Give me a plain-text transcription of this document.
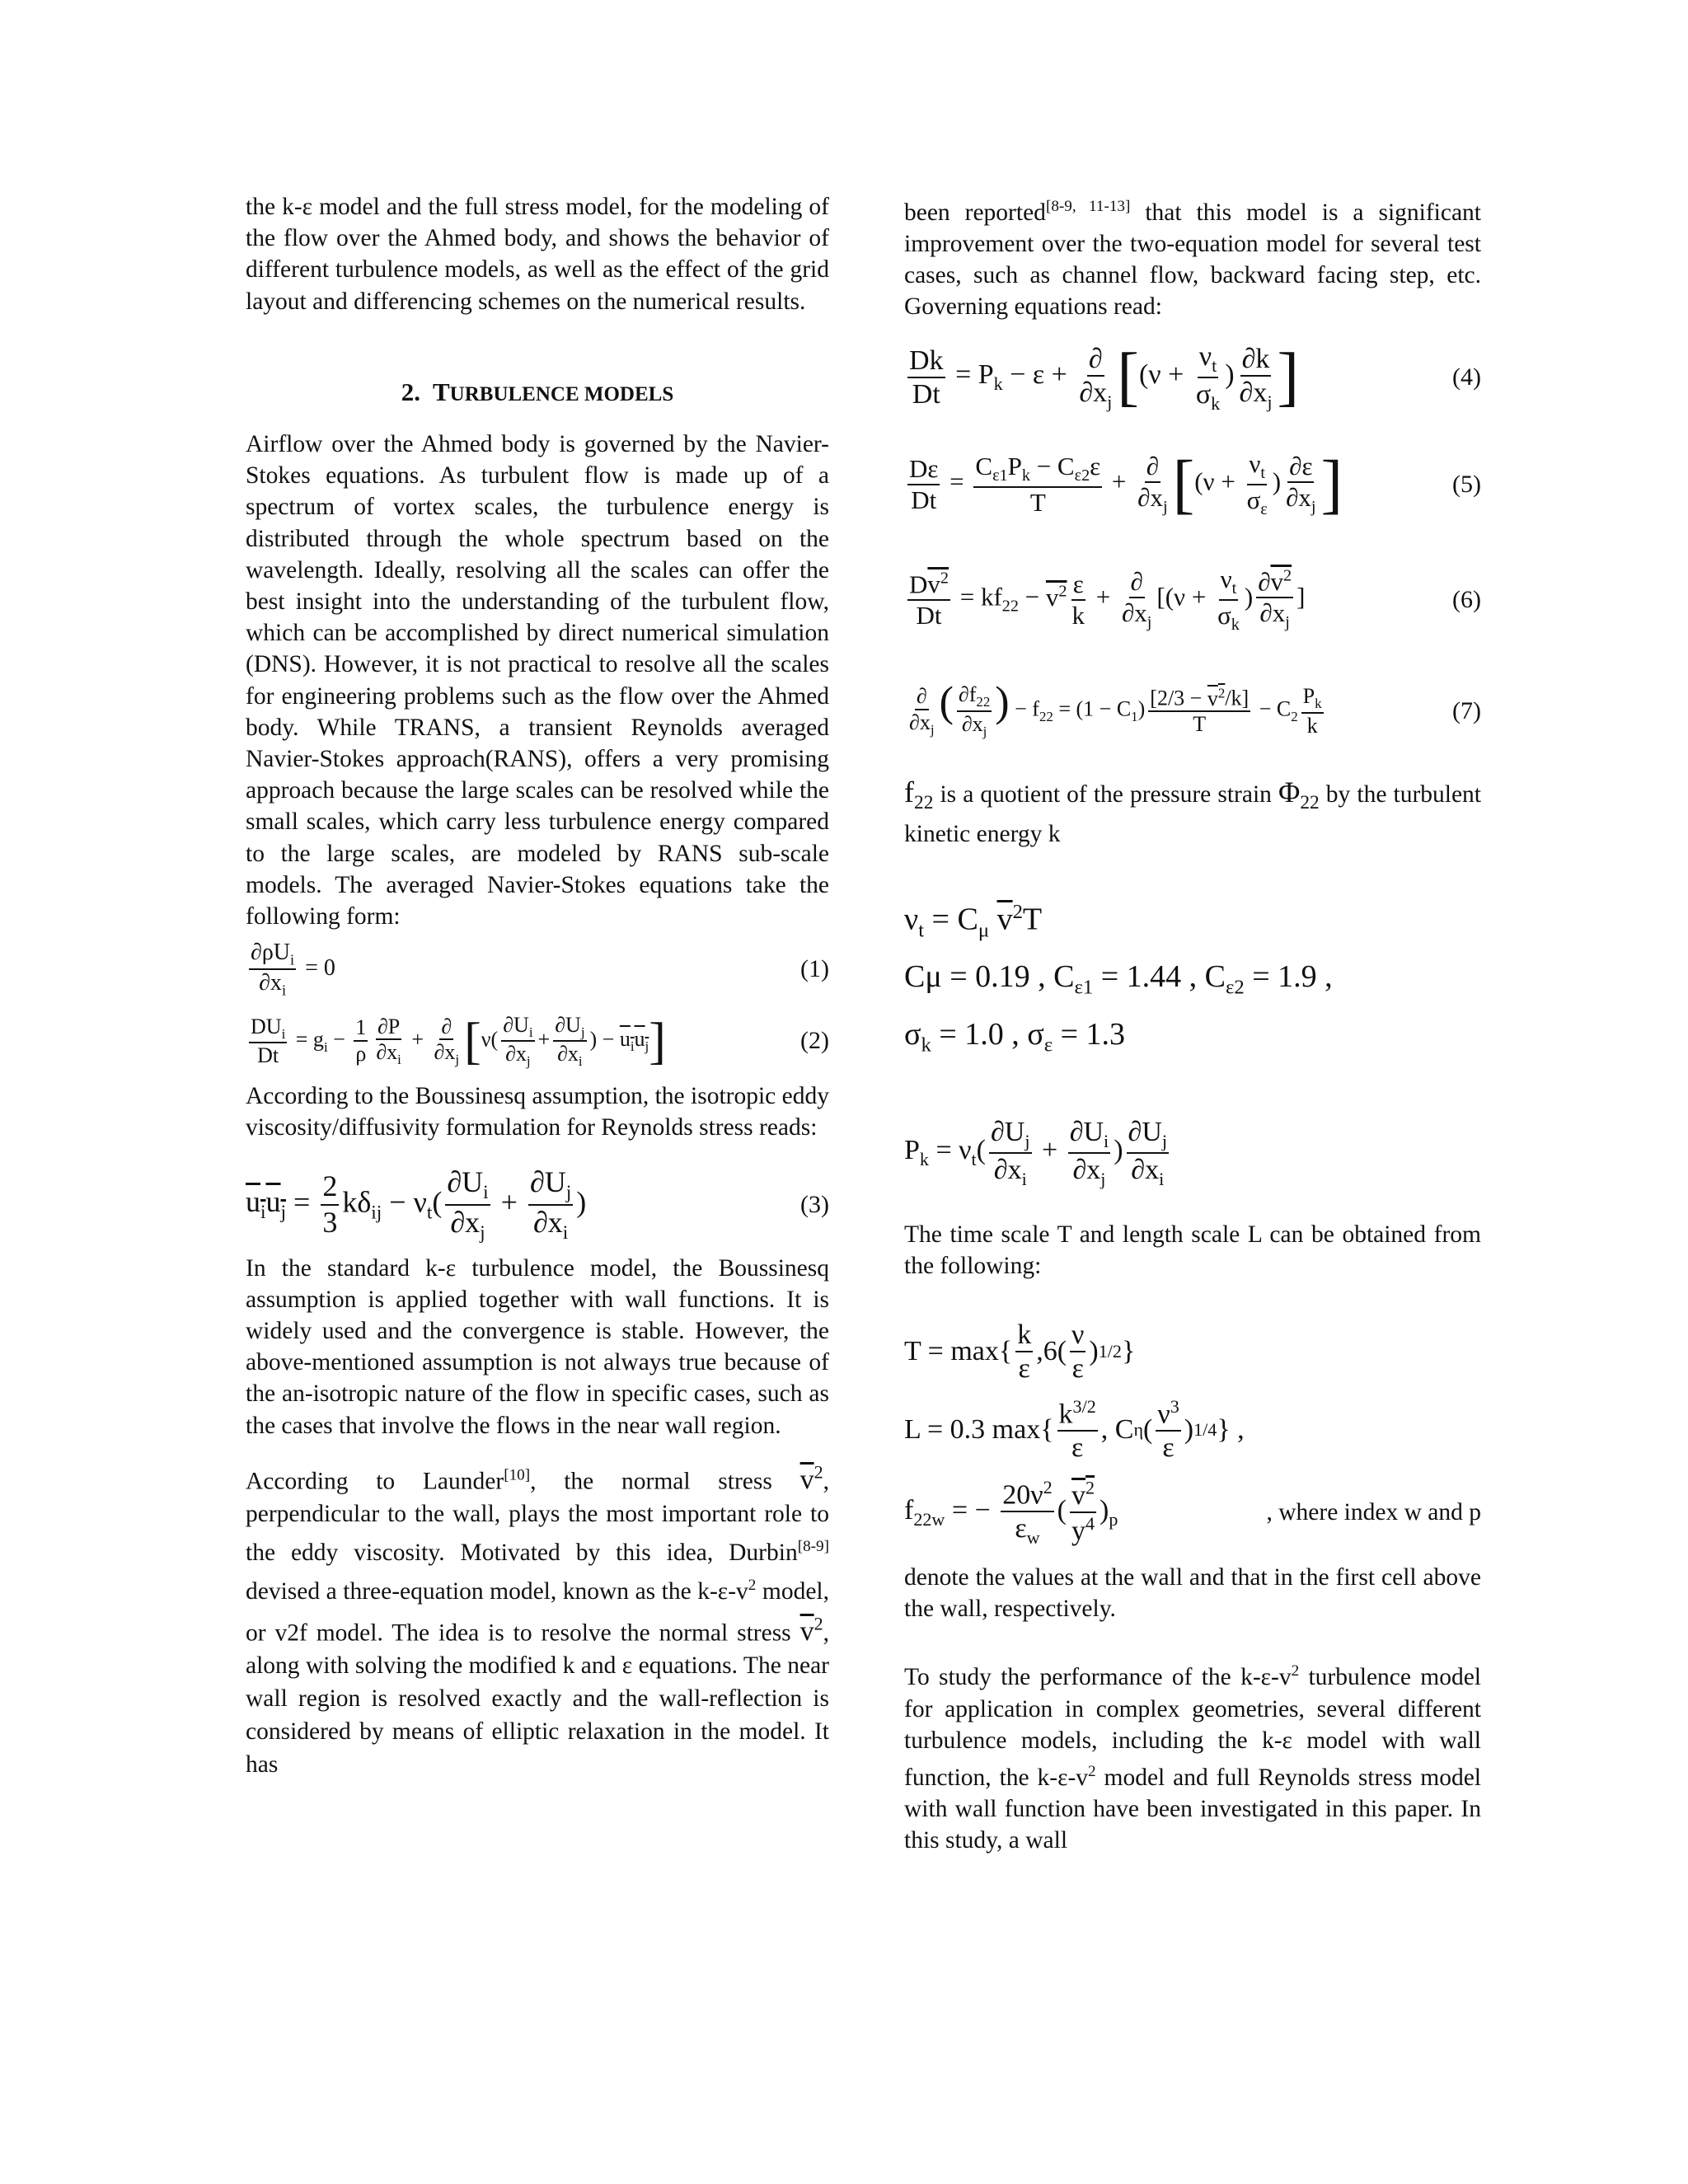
the k-ε model and the full stress model, for the modeling of the flow over the Ahmed body, and shows the behavior of different turbulence models, as well as the effect of the grid layout and differencing schemes on the numerical results.

2. TURBULENCE MODELS

Airflow over the Ahmed body is governed by the Navier-Stokes equations. As turbulent flow is made up of a spectrum of vortex scales, the turbulence energy is distributed through the whole spectrum based on the wavelength. Ideally, resolving all the scales can offer the best insight into the understanding of the turbulent flow, which can be accomplished by direct numerical simulation (DNS). However, it is not practical to resolve all the scales for engineering problems such as the flow over the Ahmed body. While TRANS, a transient Reynolds averaged Navier-Stokes approach(RANS), offers a very promising approach because the large scales can be resolved while the small scales, which carry less turbulence energy compared to the large scales, are modeled by RANS sub-scale models. The averaged Navier-Stokes equations take the following form:

$\frac{\partial\rho U_i}{\partial x_i} = 0$	(1)
$\frac{DU_i}{Dt} = g_i - \frac{1}{\rho} \frac{\partial P}{\partial x_i} + \frac{\partial}{\partial x_j} [\nu( \frac{\partial U_i}{\partial x_j} + \frac{\partial U_j}{\partial x_i}$ ) − $u_iu_j$]	(2)

According to the Boussinesq assumption, the isotropic eddy viscosity/diffusivity formulation for Reynolds stress reads:

$u_iu_j = \frac{2}{3} k\delta_{ij} - \nu_t( \frac{\partial U_i}{\partial x_j} + \frac{\partial U_j}{\partial x_i}$ )	(3)

In the standard k-ε turbulence model, the Boussinesq assumption is applied together with wall functions. It is widely used and the convergence is stable. However, the above-mentioned assumption is not always true because of the an-isotropic nature of the flow in specific cases, such as the cases that involve the flows in the near wall region.

According to Launder[10], the normal stress $\overline{v}^2$, perpendicular to the wall, plays the most important role to the eddy viscosity. Motivated by this idea, Durbin[8-9] devised a three-equation model, known as the $k-\varepsilon-v^2$ model, or v2f model. The idea is to resolve the normal stress $\overline{v}^2$, along with solving the modified k and ε equations. The near wall region is resolved exactly and the wall-reflection is considered by means of elliptic relaxation in the model. It has

been reported[8-9, 11-13] that this model is a significant improvement over the two-equation model for several test cases, such as channel flow, backward facing step, etc. Governing equations read:

$\frac{Dk}{Dt} = P_k - \varepsilon + \frac{\partial}{\partial x_j} [(\nu + \frac{\nu_t}{\sigma_k}$ ) $\frac{\partial k}{\partial x_j}$ ]	(4)
$\frac{D\varepsilon}{Dt} = \frac{C_{\varepsilon 1}P_k - C_{\varepsilon 2}\varepsilon}{T} + \frac{\partial}{\partial x_j} [(\nu + \frac{\nu_t}{\sigma_\varepsilon}$ ) $\frac{\partial\varepsilon}{\partial x_j}$ ]	(5)
$\frac{Dv^2}{Dt} = kf_{22} - v^2 \frac{\varepsilon}{k} + \frac{\partial}{\partial x_j} [(\nu + \frac{\nu_t}{\sigma_k}$ ) $\frac{\partial v^2}{\partial x_j}$ ]	(6)
$\frac{\partial}{\partial x_j}$ ( $\frac{\partial f_{22}}{\partial x_j}$ ) − $f_{22} = (1 - C_1) \frac{[2/3 - v^2/k]}{T} - C_2 \frac{P_k}{k}$	(7)

$f_{22}$ is a quotient of the pressure strain $\Phi_{22}$ by the turbulent kinetic energy k

$\nu_t = C_\mu$ $\overline{v}^2T$
Cμ = 0.19 , $C_{\varepsilon 1} = 1.44$ , $C_{\varepsilon 2} = 1.9$ ,
$\sigma_k = 1.0$ , $\sigma_\varepsilon = 1.3$
$P_k = \nu_t( \frac{\partial U_j}{\partial x_i} + \frac{\partial U_i}{\partial x_j}$ ) $\frac{\partial U_j}{\partial x_i}$

The time scale T and length scale L can be obtained from the following:

$T = \max\{ \frac{k}{\varepsilon} ,6( \frac{\nu}{\varepsilon}$ ) 1/2 }
L = 0.3 $\max\{ \frac{k^{3/2}}{\varepsilon}$ , C η ( $\frac{\nu^3}{\varepsilon}$ ) 1/4 } ,
$f_{22w}$ = − $\frac{20\nu^2}{\varepsilon_w}$ ( $\frac{v^2}{y^4} )_p$	, where index w and p

denote the values at the wall and that in the first cell above the wall, respectively.

To study the performance of the $k-\varepsilon-v^2$ turbulence model for application in complex geometries, several different turbulence models, including the k-ε model with wall function, the $k-\varepsilon-v^2$ model and full Reynolds stress model with wall function have been investigated in this paper. In this study, a wall
